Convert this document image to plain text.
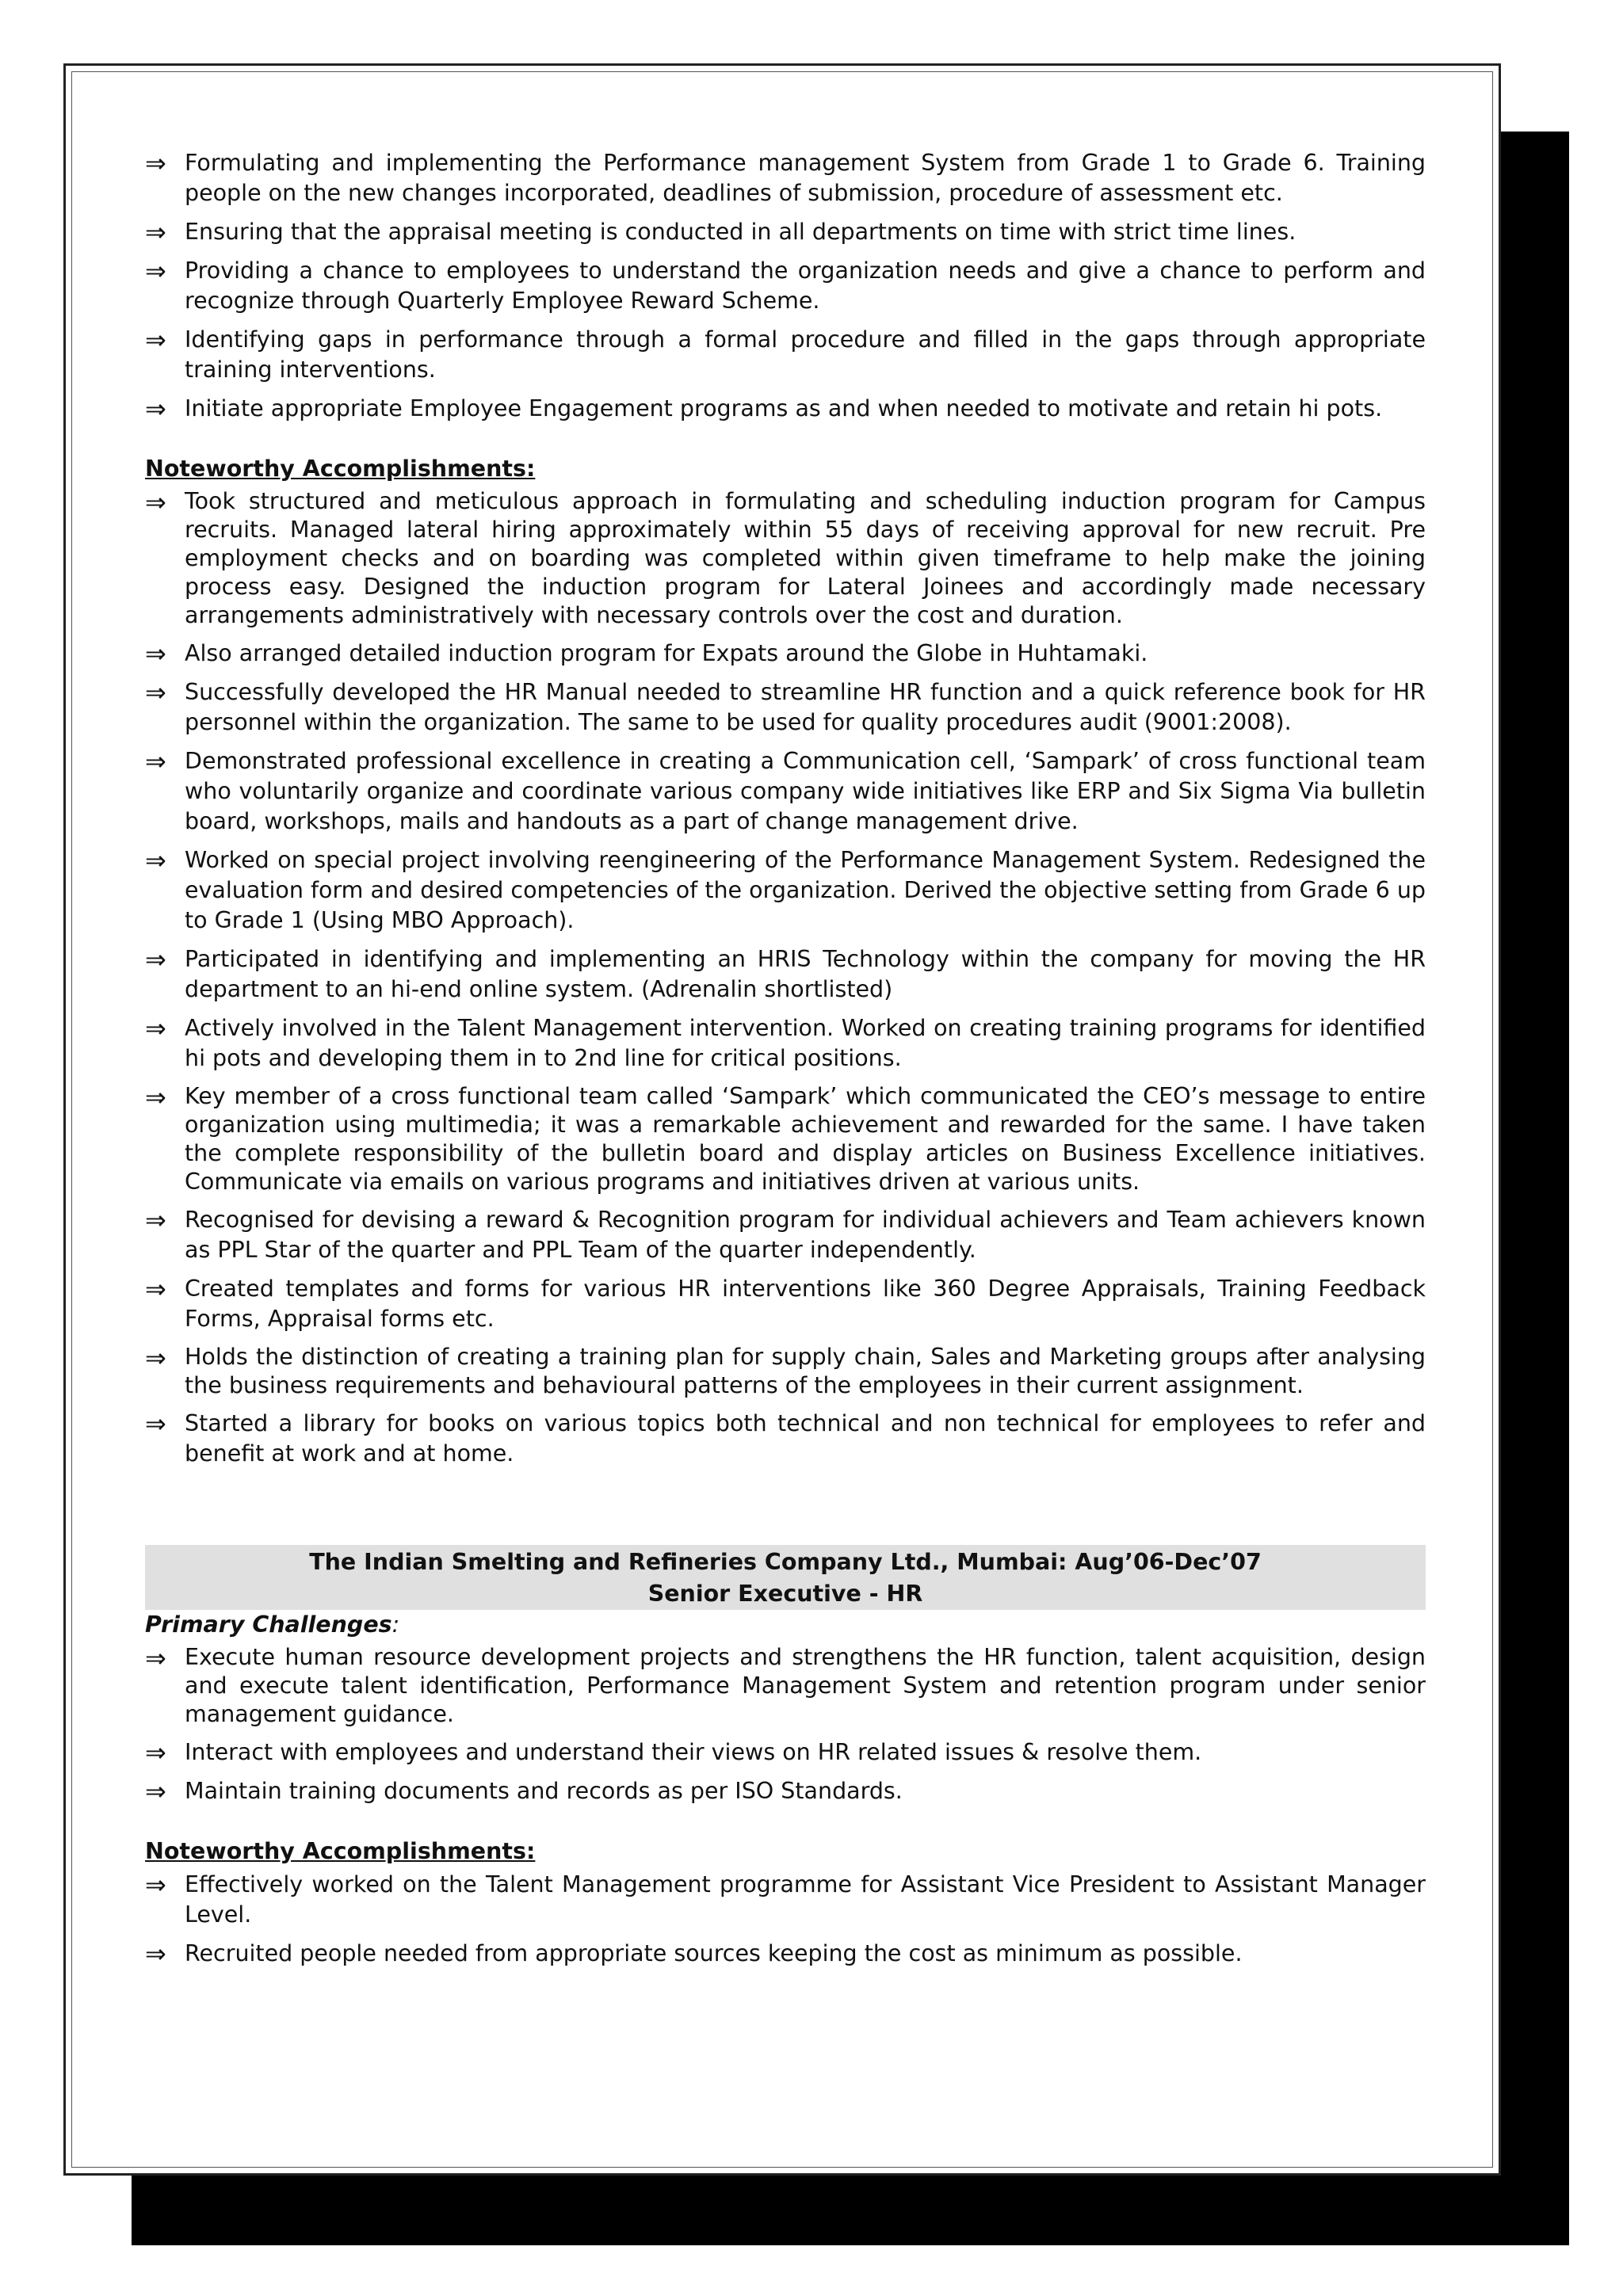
⇒ Formulating and implementing the Performance management System from Grade 1 to Grade 6. Training people on the new changes incorporated, deadlines of submission, procedure of assessment etc.
⇒ Ensuring that the appraisal meeting is conducted in all departments on time with strict time lines.
⇒ Providing a chance to employees to understand the organization needs and give a chance to perform and recognize through Quarterly Employee Reward Scheme.
⇒ Identifying gaps in performance through a formal procedure and filled in the gaps through appropriate training interventions.
⇒ Initiate appropriate Employee Engagement programs as and when needed to motivate and retain hi pots.
Noteworthy Accomplishments:
⇒ Took structured and meticulous approach in formulating and scheduling induction program for Campus recruits. Managed lateral hiring approximately within 55 days of receiving approval for new recruit. Pre employment checks and on boarding was completed within given timeframe to help make the joining process easy. Designed the induction program for Lateral Joinees and accordingly made necessary arrangements administratively with necessary controls over the cost and duration.
⇒ Also arranged detailed induction program for Expats around the Globe in Huhtamaki.
⇒ Successfully developed the HR Manual needed to streamline HR function and a quick reference book for HR personnel within the organization. The same to be used for quality procedures audit (9001:2008).
⇒ Demonstrated professional excellence in creating a Communication cell, ‘Sampark’ of cross functional team who voluntarily organize and coordinate various company wide initiatives like ERP and Six Sigma Via bulletin board, workshops, mails and handouts as a part of change management drive.
⇒ Worked on special project involving reengineering of the Performance Management System. Redesigned the evaluation form and desired competencies of the organization. Derived the objective setting from Grade 6 up to Grade 1 (Using MBO Approach).
⇒ Participated in identifying and implementing an HRIS Technology within the company for moving the HR department to an hi-end online system. (Adrenalin shortlisted)
⇒ Actively involved in the Talent Management intervention. Worked on creating training programs for identified hi pots and developing them in to 2nd line for critical positions.
⇒ Key member of a cross functional team called ‘Sampark’ which communicated the CEO’s message to entire organization using multimedia; it was a remarkable achievement and rewarded for the same. I have taken the complete responsibility of the bulletin board and display articles on Business Excellence initiatives. Communicate via emails on various programs and initiatives driven at various units.
⇒ Recognised for devising a reward & Recognition program for individual achievers and Team achievers known as PPL Star of the quarter and PPL Team of the quarter independently.
⇒ Created templates and forms for various HR interventions like 360 Degree Appraisals, Training Feedback Forms, Appraisal forms etc.
⇒ Holds the distinction of creating a training plan for supply chain, Sales and Marketing groups after analysing the business requirements and behavioural patterns of the employees in their current assignment.
⇒ Started a library for books on various topics both technical and non technical for employees to refer and benefit at work and at home.
The Indian Smelting and Refineries Company Ltd., Mumbai: Aug’06-Dec’07
Senior Executive - HR
Primary Challenges:
⇒ Execute human resource development projects and strengthens the HR function, talent acquisition, design and execute talent identification, Performance Management System and retention program under senior management guidance.
⇒ Interact with employees and understand their views on HR related issues & resolve them.
⇒ Maintain training documents and records as per ISO Standards.
Noteworthy Accomplishments:
⇒ Effectively worked on the Talent Management programme for Assistant Vice President to Assistant Manager Level.
⇒ Recruited people needed from appropriate sources keeping the cost as minimum as possible.
